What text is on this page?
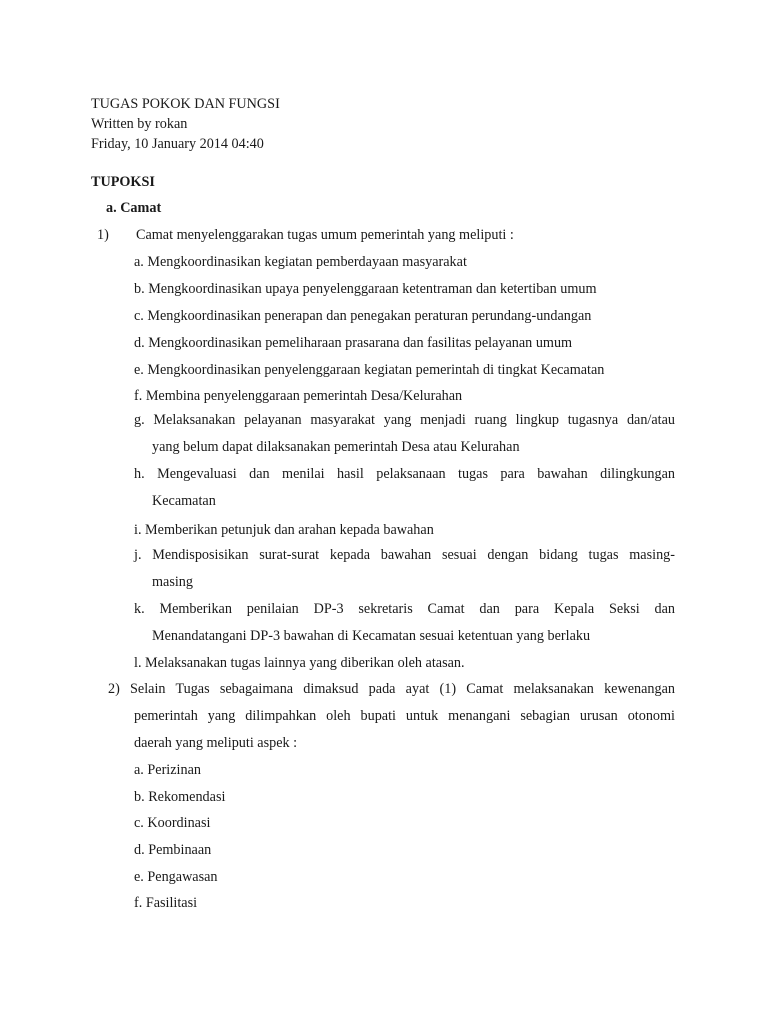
TUGAS POKOK DAN FUNGSI
Written by rokan
Friday, 10 January 2014 04:40
TUPOKSI
a. Camat
1) Camat menyelenggarakan tugas umum pemerintah yang meliputi :
a. Mengkoordinasikan kegiatan pemberdayaan masyarakat
b. Mengkoordinasikan upaya penyelenggaraan ketentraman dan ketertiban umum
c. Mengkoordinasikan penerapan dan penegakan peraturan perundang-undangan
d. Mengkoordinasikan pemeliharaan prasarana dan fasilitas pelayanan umum
e. Mengkoordinasikan penyelenggaraan kegiatan pemerintah di tingkat Kecamatan
f. Membina penyelenggaraan pemerintah Desa/Kelurahan
g. Melaksanakan pelayanan masyarakat yang menjadi ruang lingkup tugasnya dan/atau
yang belum dapat dilaksanakan pemerintah Desa atau Kelurahan
h. Mengevaluasi dan menilai hasil pelaksanaan tugas para bawahan dilingkungan
Kecamatan
i. Memberikan petunjuk dan arahan kepada bawahan
j. Mendisposisikan surat-surat kepada bawahan sesuai dengan bidang tugas masing-
masing
k. Memberikan penilaian DP-3 sekretaris Camat dan para Kepala Seksi dan
Menandatangani DP-3 bawahan di Kecamatan sesuai ketentuan yang berlaku
l. Melaksanakan tugas lainnya yang diberikan oleh atasan.
2) Selain Tugas sebagaimana dimaksud pada ayat (1) Camat melaksanakan kewenangan
pemerintah yang dilimpahkan oleh bupati untuk menangani sebagian urusan otonomi
daerah yang meliputi aspek :
a. Perizinan
b. Rekomendasi
c. Koordinasi
d. Pembinaan
e. Pengawasan
f. Fasilitasi
